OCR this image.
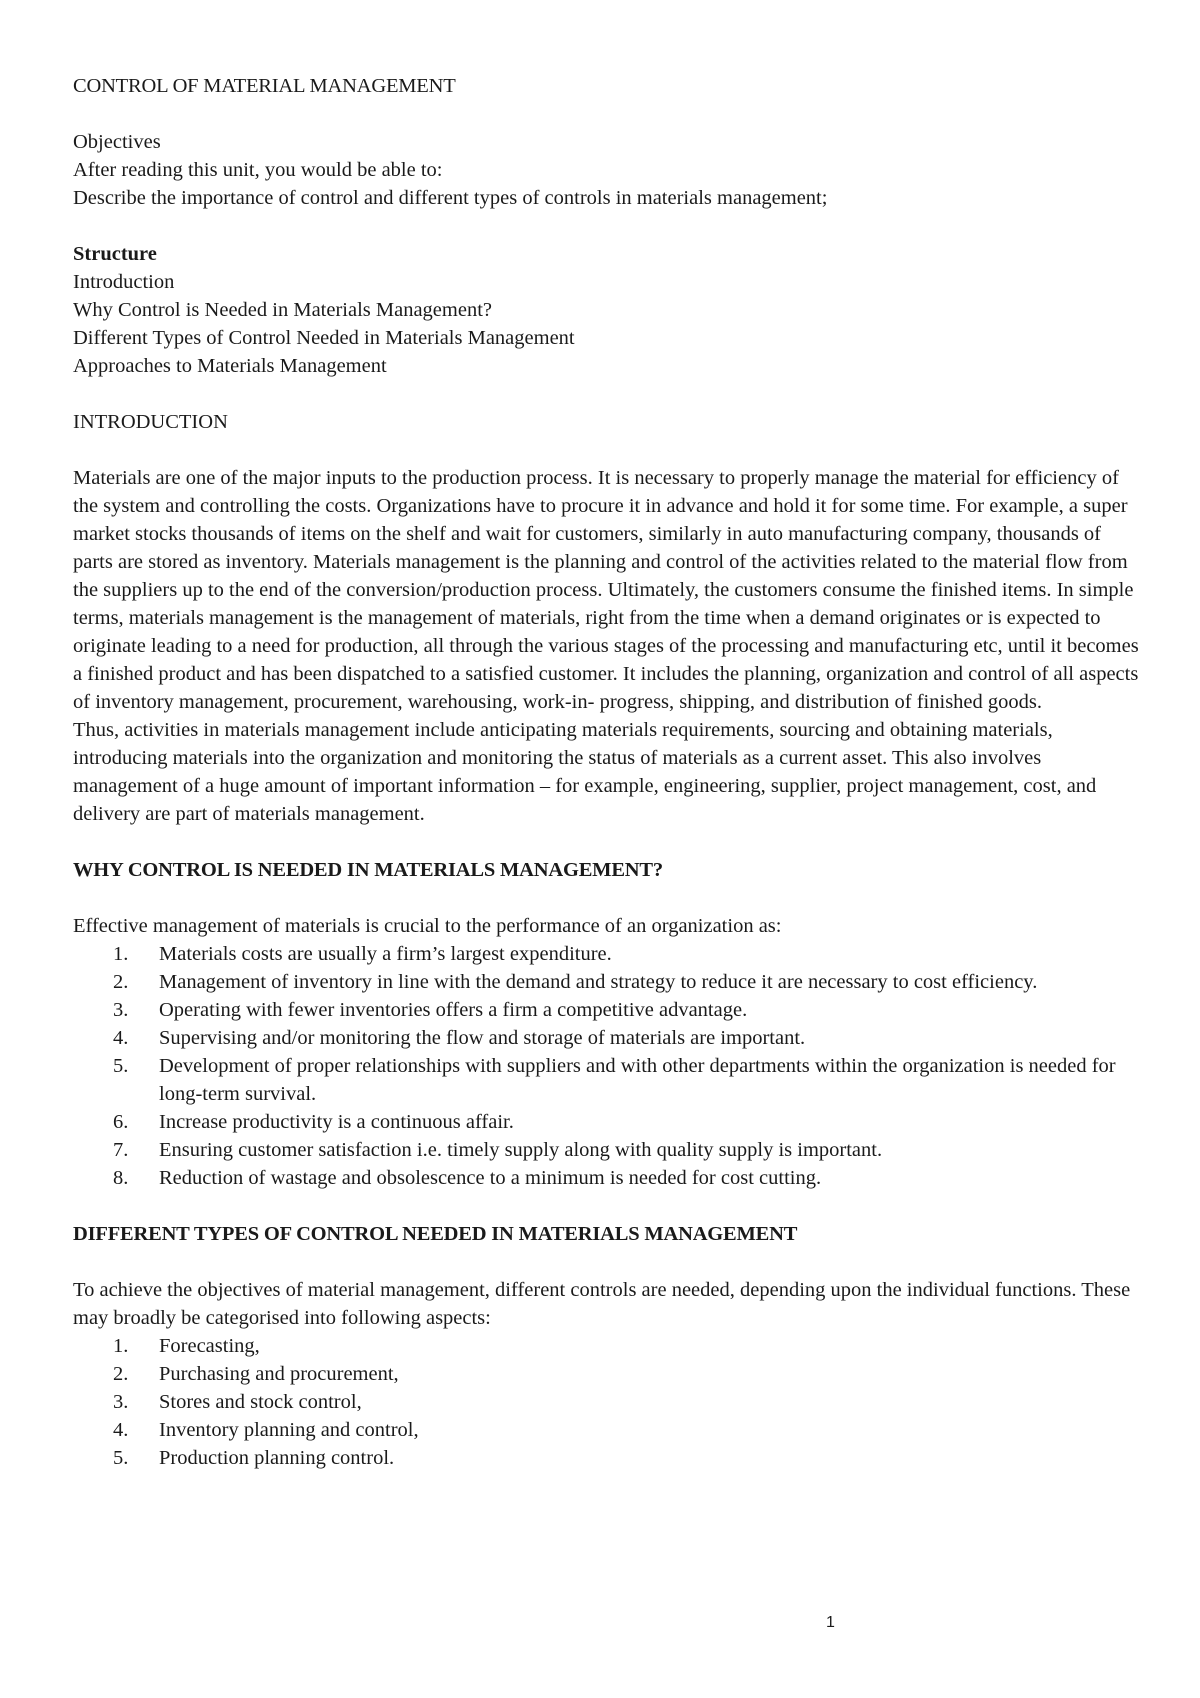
CONTROL OF MATERIAL MANAGEMENT

Objectives

After reading this unit, you would be able to:

Describe the importance of control and different types of controls in materials management;

Structure

Introduction

Why Control is Needed in Materials Management?

Different Types of Control Needed in Materials Management

Approaches to Materials Management

INTRODUCTION

Materials are one of the major inputs to the production process. It is necessary to properly manage the material for efficiency of the system and controlling the costs. Organizations have to procure it in advance and hold it for some time. For example, a super market stocks thousands of items on the shelf and wait for customers, similarly in auto manufacturing company, thousands of parts are stored as inventory. Materials management is the planning and control of the activities related to the material flow from the suppliers up to the end of the conversion/production process. Ultimately, the customers consume the finished items. In simple terms, materials management is the management of materials, right from the time when a demand originates or is expected to originate leading to a need for production, all through the various stages of the processing and manufacturing etc, until it becomes a finished product and has been dispatched to a satisfied customer. It includes the planning, organization and control of all aspects of inventory management, procurement, warehousing, work-in- progress, shipping, and distribution of finished goods.

Thus, activities in materials management include anticipating materials requirements, sourcing and obtaining materials, introducing materials into the organization and monitoring the status of materials as a current asset. This also involves management of a huge amount of important information – for example, engineering, supplier, project management, cost, and delivery are part of materials management.

WHY CONTROL IS NEEDED IN MATERIALS MANAGEMENT?

Effective management of materials is crucial to the performance of an organization as:

1.	Materials costs are usually a firm’s largest expenditure.
2.	Management of inventory in line with the demand and strategy to reduce it are necessary to cost efficiency.
3.	Operating with fewer inventories offers a firm a competitive advantage.
4.	Supervising and/or monitoring the flow and storage of materials are important.
5.	Development of proper relationships with suppliers and with other departments within the organization is needed for long-term survival.
6.	Increase productivity is a continuous affair.
7.	Ensuring customer satisfaction i.e. timely supply along with quality supply is important.
8.	Reduction of wastage and obsolescence to a minimum is needed for cost cutting.

DIFFERENT TYPES OF CONTROL NEEDED IN MATERIALS MANAGEMENT

To achieve the objectives of material management, different controls are needed, depending upon the individual functions. These may broadly be categorised into following aspects:

1.	Forecasting,
2.	Purchasing and procurement,
3.	Stores and stock control,
4.	Inventory planning and control,
5.	Production planning control.
1
